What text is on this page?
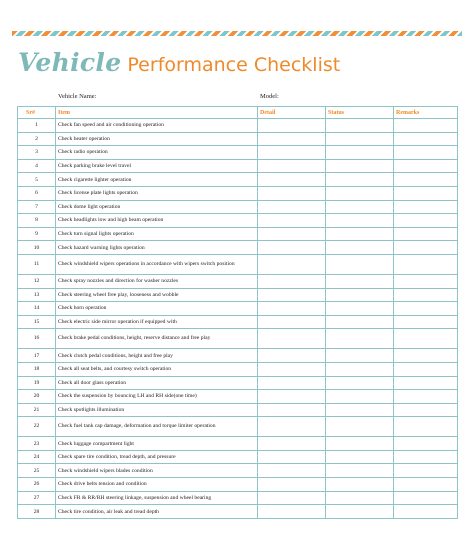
Vehicle Performance Checklist
Vehicle Name:	Model:
Sr#	Item	Detail	Status	Remarks
1	Check fan speed and air conditioning operation			
2	Check heater operation			
3	Check radio operation			
4	Check parking brake level travel			
5	Check cigarette lighter operation			
6	Check license plate lights operation			
7	Check dome light operation			
8	Check headlights low and high beam operation			
9	Check turn signal lights operation			
10	Check hazard warning lights operation			
11	Check windshield wipers operations in accordance with wipers switch position			
12	Check spray nozzles and direction for washer nozzles			
13	Check steering wheel free play, looseness and wobble			
14	Check horn operation			
15	Check electric side mirror operation if equipped with			
16	Check brake pedal conditions, height, reserve distance and free play			
17	Check clutch pedal conditions, height and free play			
18	Check all seat belts, and courtesy switch operation			
19	Check all door glass operation			
20	Check the suspension by bouncing LH and RH side(one time)			
21	Check spotlights illumination			
22	Check fuel tank cap damage, deformation and torque limiter operation			
23	Check luggage compartment light			
24	Check spare tire condition, tread depth, and pressure			
25	Check windshield wipers blades condition			
26	Check drive belts tension and condition			
27	Check FR & RR/RH steering linkage, suspension and wheel bearing			
28	Check tire condition, air leak and tread depth			
